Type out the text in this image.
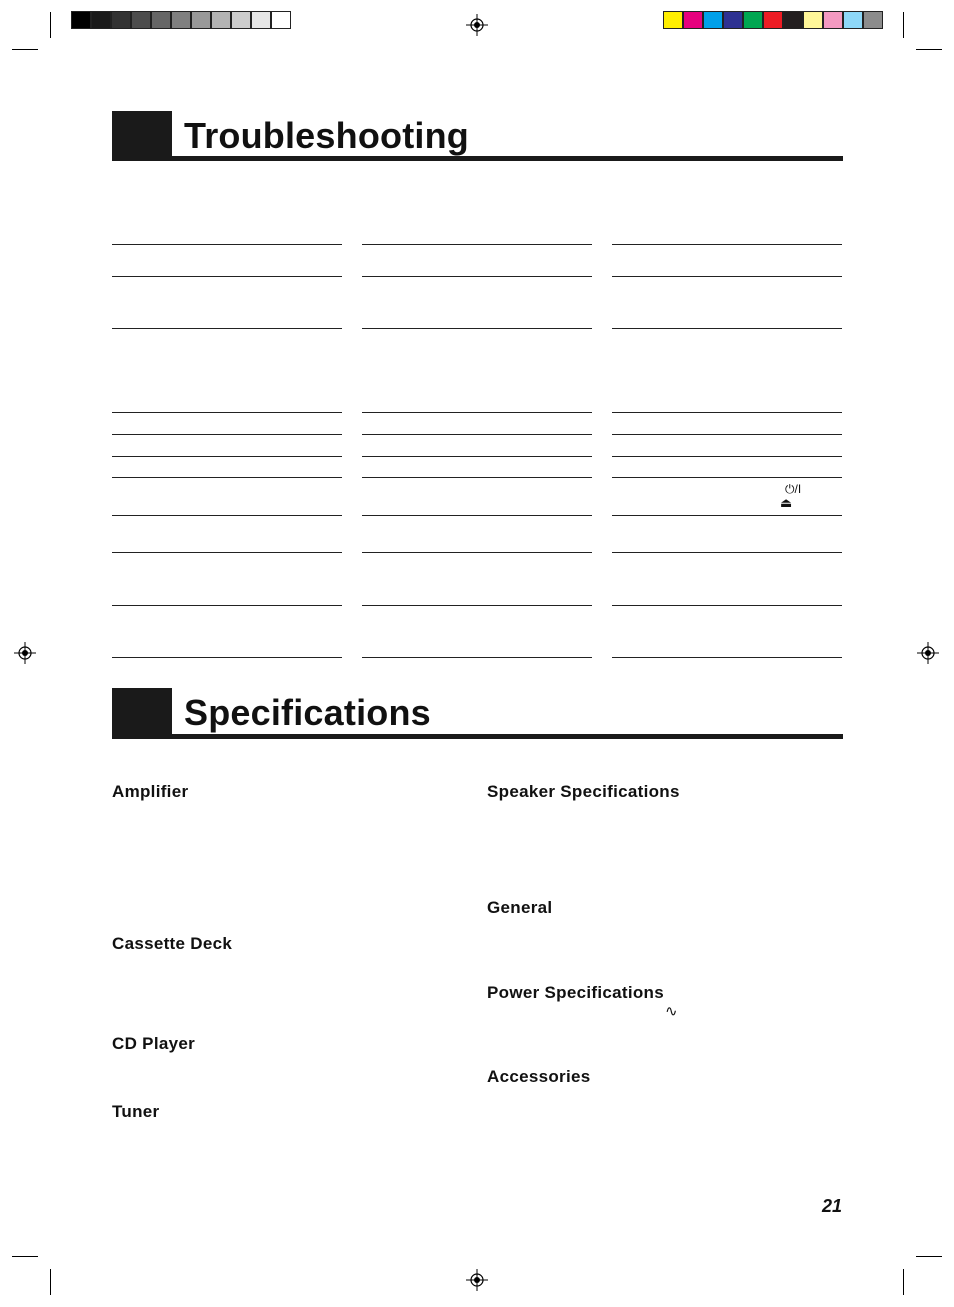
Troubleshooting
⏻/Ι
⏏
Specifications
Amplifier
Cassette Deck
CD Player
Tuner
Speaker Specifications
General
Power Specifications
Accessories
∿
21
